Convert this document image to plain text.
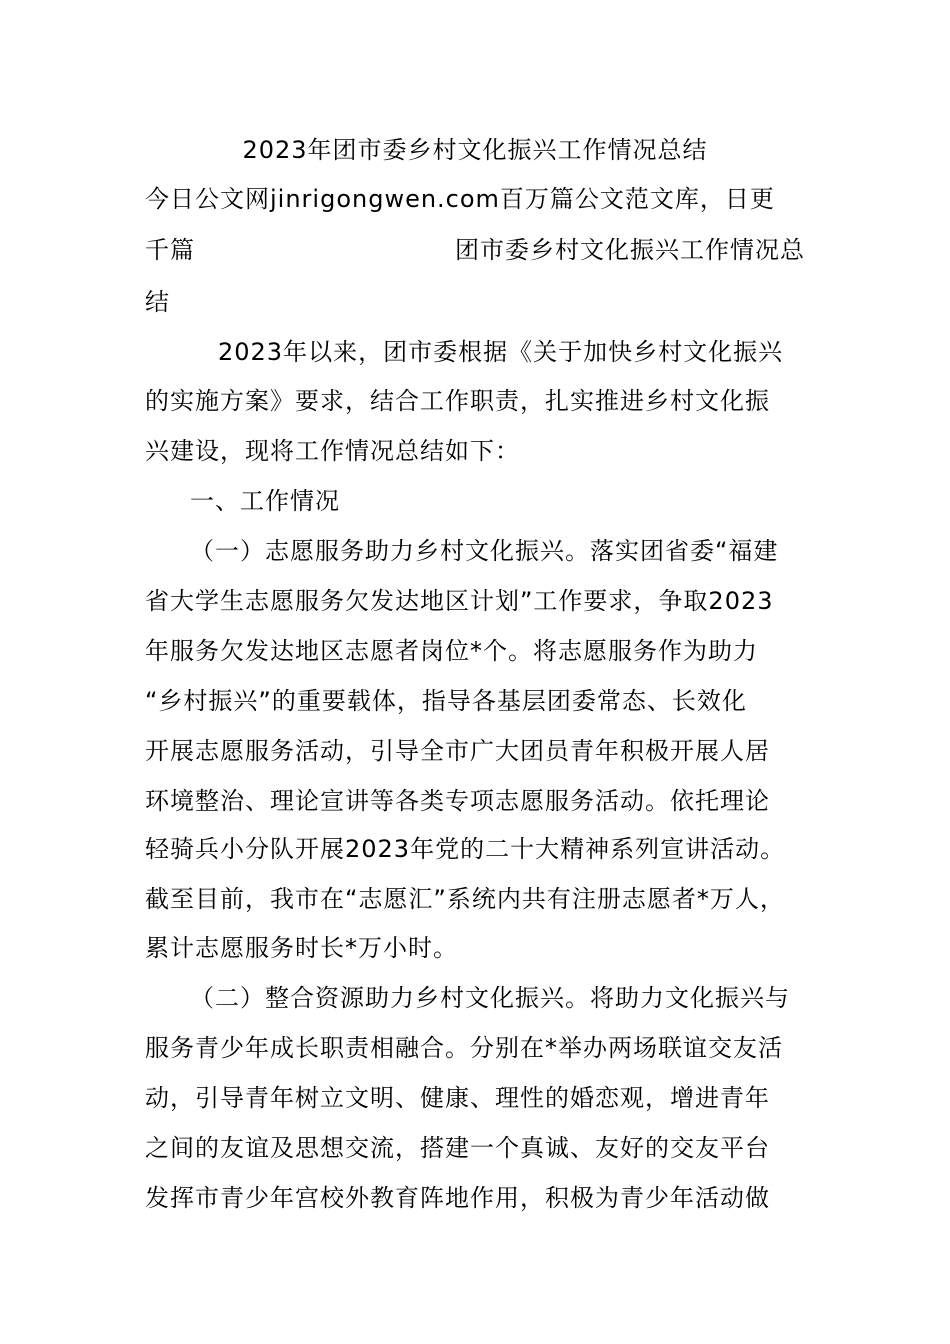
2023年团市委乡村文化振兴工作情况总结
今日公文网jinrigongwen.com百万篇公文范文库，日更
千篇	团市委乡村文化振兴工作情况总
结
2023年以来，团市委根据《关于加快乡村文化振兴
的实施方案》要求，结合工作职责，扎实推进乡村文化振
兴建设，现将工作情况总结如下：
一、工作情况
（一）志愿服务助力乡村文化振兴。落实团省委“福建
省大学生志愿服务欠发达地区计划”工作要求，争取2023
年服务欠发达地区志愿者岗位*个。将志愿服务作为助力
“乡村振兴”的重要载体，指导各基层团委常态、长效化
开展志愿服务活动，引导全市广大团员青年积极开展人居
环境整治、理论宣讲等各类专项志愿服务活动。依托理论
轻骑兵小分队开展2023年党的二十大精神系列宣讲活动。
截至目前，我市在“志愿汇”系统内共有注册志愿者*万人，
累计志愿服务时长*万小时。
（二）整合资源助力乡村文化振兴。将助力文化振兴与
服务青少年成长职责相融合。分别在*举办两场联谊交友活
动，引导青年树立文明、健康、理性的婚恋观，增进青年
之间的友谊及思想交流，搭建一个真诚、友好的交友平台
发挥市青少年宫校外教育阵地作用，积极为青少年活动做
